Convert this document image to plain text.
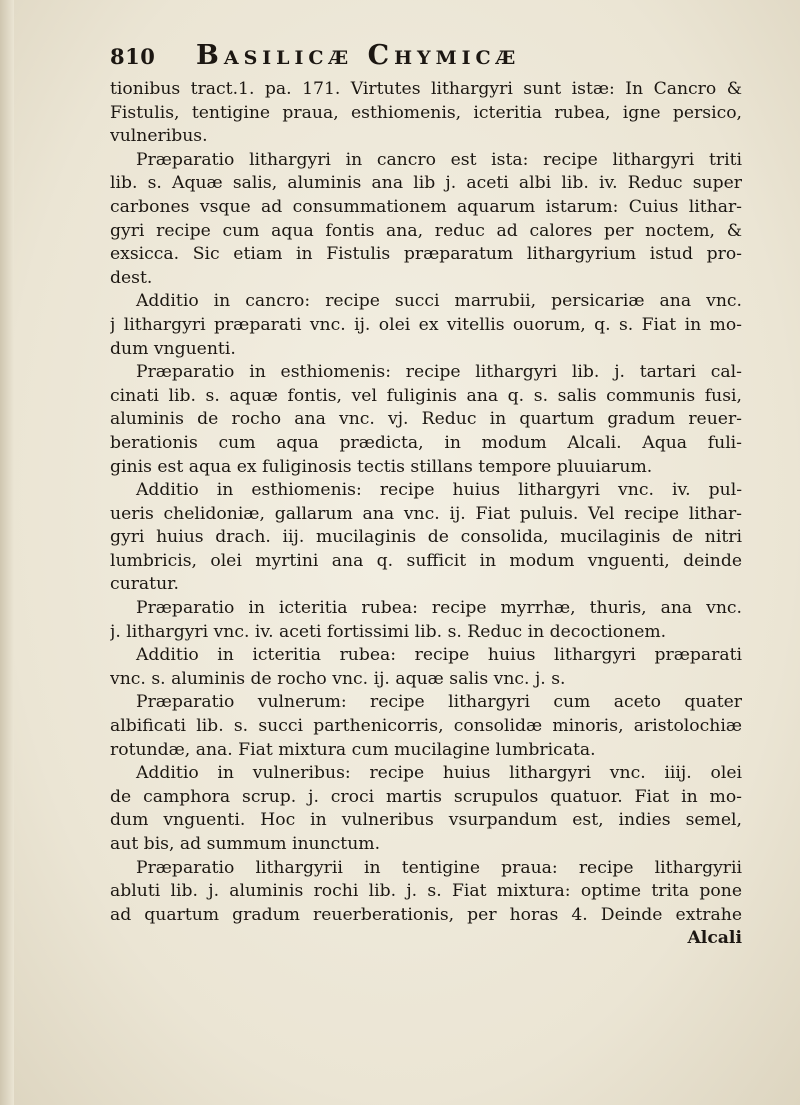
810 Basilicæ Chymicæ
tionibus tract.1. pa. 171. Virtutes lithargyri sunt istæ: In Cancro &
Fistulis, tentigine praua, esthiomenis, icteritia rubea, igne persico,
vulneribus.
Præparatio lithargyri in cancro est ista: recipe lithargyri triti
lib. s. Aquæ salis, aluminis ana lib j. aceti albi lib. iv. Reduc super
carbones vsque ad consummationem aquarum istarum: Cuius lithar-
gyri recipe cum aqua fontis ana, reduc ad calores per noctem, &
exsicca. Sic etiam in Fistulis præparatum lithargyrium istud pro-
dest.
Additio in cancro: recipe succi marrubii, persicariæ ana vnc.
j lithargyri præparati vnc. ij. olei ex vitellis ouorum, q. s. Fiat in mo-
dum vnguenti.
Præparatio in esthiomenis: recipe lithargyri lib. j. tartari cal-
cinati lib. s. aquæ fontis, vel fuliginis ana q. s. salis communis fusi,
aluminis de rocho ana vnc. vj. Reduc in quartum gradum reuer-
berationis cum aqua prædicta, in modum Alcali. Aqua fuli-
ginis est aqua ex fuliginosis tectis stillans tempore pluuiarum.
Additio in esthiomenis: recipe huius lithargyri vnc. iv. pul-
ueris chelidoniæ, gallarum ana vnc. ij. Fiat puluis. Vel recipe lithar-
gyri huius drach. iij. mucilaginis de consolida, mucilaginis de nitri
lumbricis, olei myrtini ana q. sufficit in modum vnguenti, deinde
curatur.
Præparatio in icteritia rubea: recipe myrrhæ, thuris, ana vnc.
j. lithargyri vnc. iv. aceti fortissimi lib. s. Reduc in decoctionem.
Additio in icteritia rubea: recipe huius lithargyri præparati
vnc. s. aluminis de rocho vnc. ij. aquæ salis vnc. j. s.
Præparatio vulnerum: recipe lithargyri cum aceto quater
albificati lib. s. succi parthenicorris, consolidæ minoris, aristolochiæ
rotundæ, ana. Fiat mixtura cum mucilagine lumbricata.
Additio in vulneribus: recipe huius lithargyri vnc. iiij. olei
de camphora scrup. j. croci martis scrupulos quatuor. Fiat in mo-
dum vnguenti. Hoc in vulneribus vsurpandum est, indies semel,
aut bis, ad summum inunctum.
Præparatio lithargyrii in tentigine praua: recipe lithargyrii
abluti lib. j. aluminis rochi lib. j. s. Fiat mixtura: optime trita pone
ad quartum gradum reuerberationis, per horas 4. Deinde extrahe
Alcali
